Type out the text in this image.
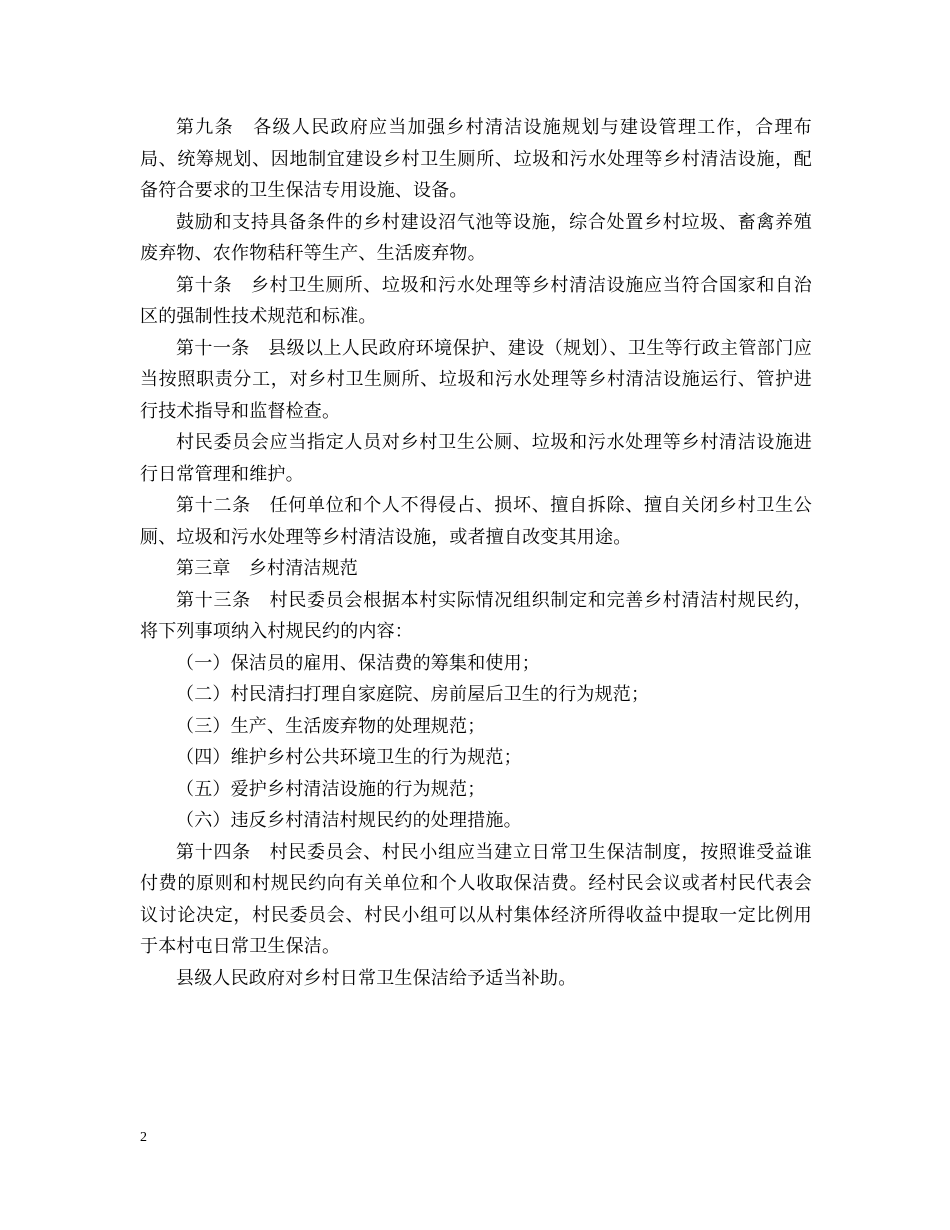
第九条　各级人民政府应当加强乡村清洁设施规划与建设管理工作，合理布局、统筹规划、因地制宜建设乡村卫生厕所、垃圾和污水处理等乡村清洁设施，配备符合要求的卫生保洁专用设施、设备。

鼓励和支持具备条件的乡村建设沼气池等设施，综合处置乡村垃圾、畜禽养殖废弃物、农作物秸秆等生产、生活废弃物。

第十条　乡村卫生厕所、垃圾和污水处理等乡村清洁设施应当符合国家和自治区的强制性技术规范和标准。

第十一条　县级以上人民政府环境保护、建设（规划）、卫生等行政主管部门应当按照职责分工，对乡村卫生厕所、垃圾和污水处理等乡村清洁设施运行、管护进行技术指导和监督检查。

村民委员会应当指定人员对乡村卫生公厕、垃圾和污水处理等乡村清洁设施进行日常管理和维护。

第十二条　任何单位和个人不得侵占、损坏、擅自拆除、擅自关闭乡村卫生公厕、垃圾和污水处理等乡村清洁设施，或者擅自改变其用途。

第三章　乡村清洁规范

第十三条　村民委员会根据本村实际情况组织制定和完善乡村清洁村规民约，将下列事项纳入村规民约的内容：

（一）保洁员的雇用、保洁费的筹集和使用；

（二）村民清扫打理自家庭院、房前屋后卫生的行为规范；

（三）生产、生活废弃物的处理规范；

（四）维护乡村公共环境卫生的行为规范；

（五）爱护乡村清洁设施的行为规范；

（六）违反乡村清洁村规民约的处理措施。

第十四条　村民委员会、村民小组应当建立日常卫生保洁制度，按照谁受益谁付费的原则和村规民约向有关单位和个人收取保洁费。经村民会议或者村民代表会议讨论决定，村民委员会、村民小组可以从村集体经济所得收益中提取一定比例用于本村屯日常卫生保洁。

县级人民政府对乡村日常卫生保洁给予适当补助。

2
